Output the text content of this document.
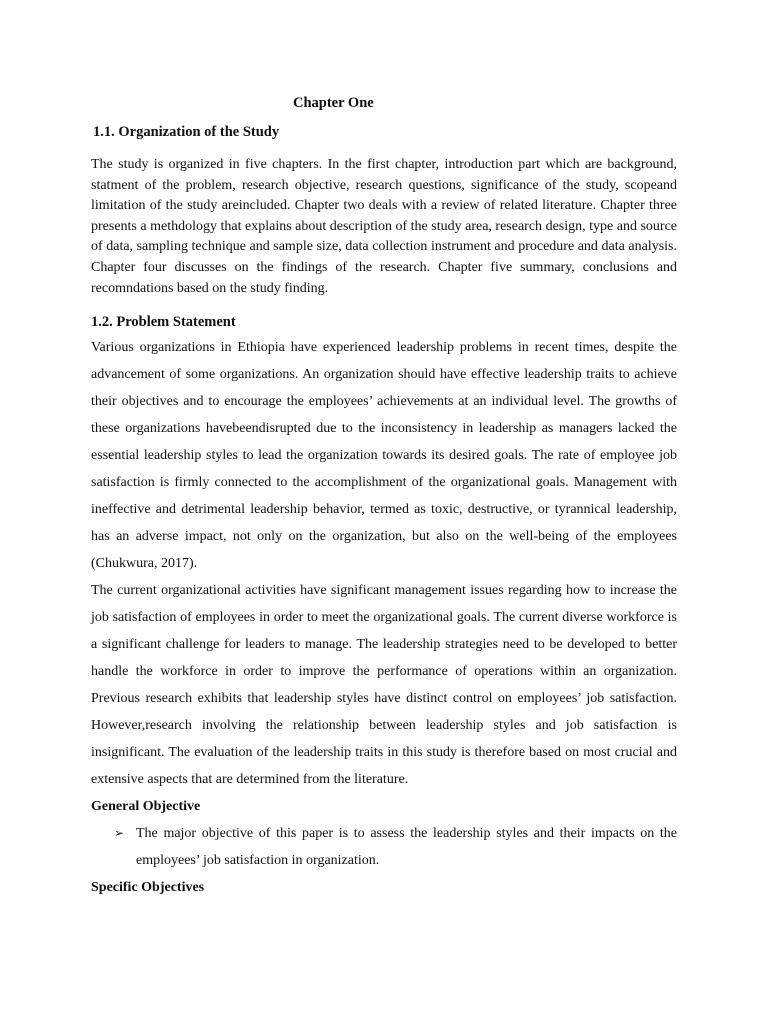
Chapter One
1.1. Organization of the Study

The study is organized in five chapters. In the first chapter, introduction part which are background, statment of the problem, research objective, research questions, significance of the study, scopeand limitation of the study areincluded. Chapter two deals with a review of related literature. Chapter three presents a methdology that explains about description of the study area, research design, type and source of data, sampling technique and sample size, data collection instrument and procedure and data analysis. Chapter four discusses on the findings of the research. Chapter five summary, conclusions and recomndations based on the study finding.

1.2. Problem Statement

Various organizations in Ethiopia have experienced leadership problems in recent times, despite the advancement of some organizations. An organization should have effective leadership traits to achieve their objectives and to encourage the employees’ achievements at an individual level. The growths of these organizations havebeendisrupted due to the inconsistency in leadership as managers lacked the essential leadership styles to lead the organization towards its desired goals. The rate of employee job satisfaction is firmly connected to the accomplishment of the organizational goals. Management with ineffective and detrimental leadership behavior, termed as toxic, destructive, or tyrannical leadership, has an adverse impact, not only on the organization, but also on the well-being of the employees (Chukwura, 2017).

The current organizational activities have significant management issues regarding how to increase the job satisfaction of employees in order to meet the organizational goals. The current diverse workforce is a significant challenge for leaders to manage. The leadership strategies need to be developed to better handle the workforce in order to improve the performance of operations within an organization. Previous research exhibits that leadership styles have distinct control on employees’ job satisfaction. However,research involving the relationship between leadership styles and job satisfaction is insignificant. The evaluation of the leadership traits in this study is therefore based on most crucial and extensive aspects that are determined from the literature.

General Objective
➢ The major objective of this paper is to assess the leadership styles and their impacts on the employees’ job satisfaction in organization.
Specific Objectives
